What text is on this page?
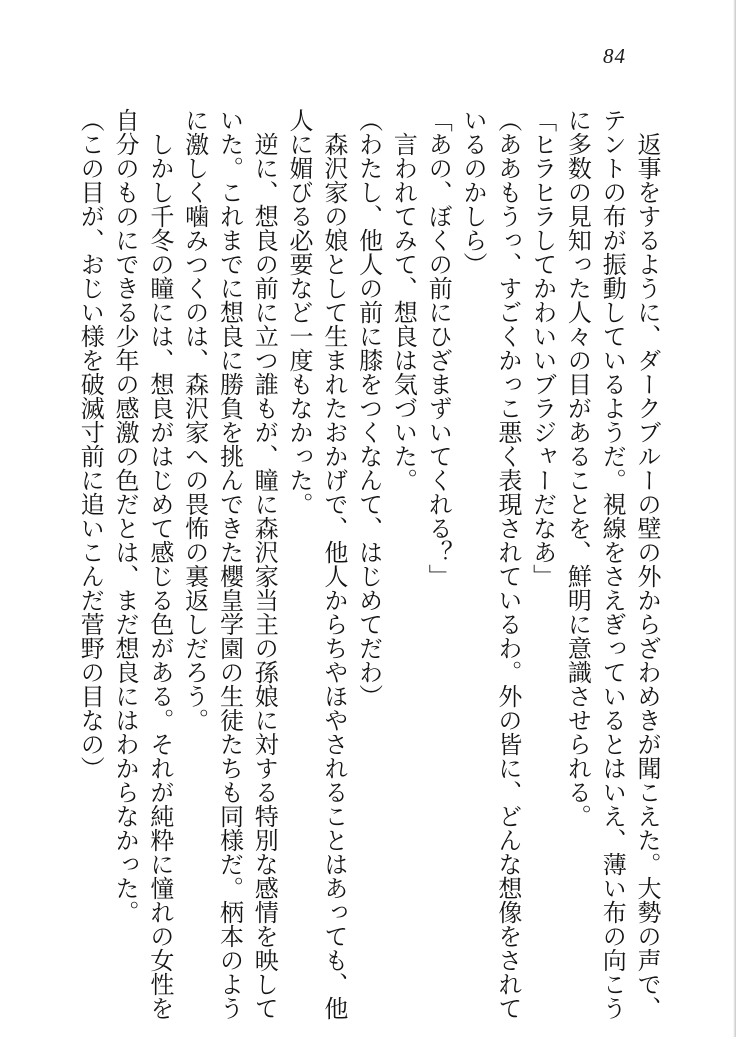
84

返事をするように、ダークブルーの壁の外からざわめきが聞こえた。大勢の声で、テントの布が振動しているようだ。視線をさえぎっているとはいえ、薄い布の向こうに多数の見知った人々の目があることを、鮮明に意識させられる。

「ヒラヒラしてかわいいブラジャーだなあ」

（ああもうっ、すごくかっこ悪く表現されているわ。外の皆に、どんな想像をされているのかしら）

「あの、ぼくの前にひざまずいてくれる？」

言われてみて、想良は気づいた。

（わたし、他人の前に膝をつくなんて、はじめてだわ）

森沢家の娘として生まれたおかげで、他人からちやほやされることはあっても、他人に媚びる必要など一度もなかった。

逆に、想良の前に立つ誰もが、瞳に森沢家当主の孫娘に対する特別な感情を映していた。これまでに想良に勝負を挑んできた櫻皇学園の生徒たちも同様だ。柄本のように激しく噛みつくのは、森沢家への畏怖の裏返しだろう。

しかし千冬の瞳には、想良がはじめて感じる色がある。それが純粋に憧れの女性を自分のものにできる少年の感激の色だとは、まだ想良にはわからなかった。

（この目が、おじい様を破滅寸前に追いこんだ菅野の目なの）
